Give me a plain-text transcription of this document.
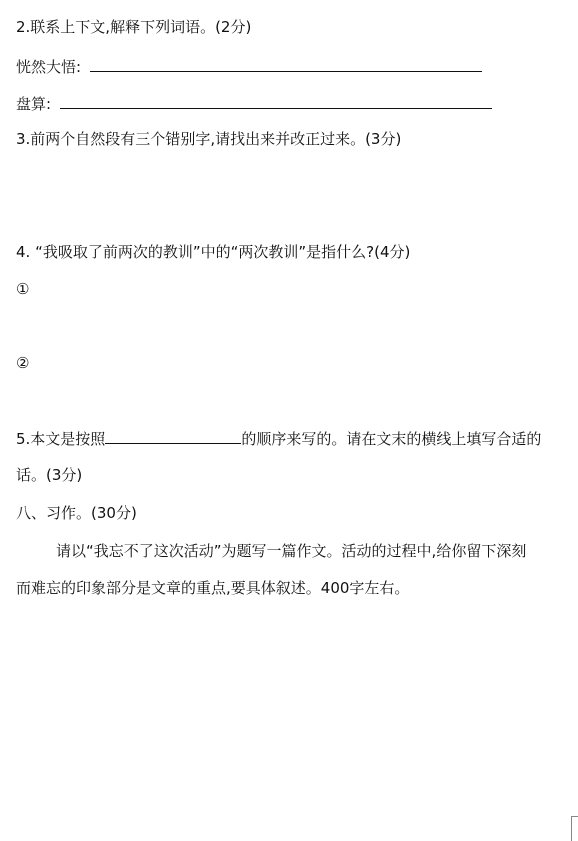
2.联系上下文,解释下列词语。(2分)
恍然大悟:
盘算:
3.前两个自然段有三个错别字,请找出来并改正过来。(3分)
4. “我吸取了前两次的教训”中的“两次教训”是指什么?(4分)
①
②
5.本文是按照	的顺序来写的。请在文末的横线上填写合适的
话。(3分)
八、习作。(30分)
请以“我忘不了这次活动”为题写一篇作文。活动的过程中,给你留下深刻
而难忘的印象部分是文章的重点,要具体叙述。400字左右。
